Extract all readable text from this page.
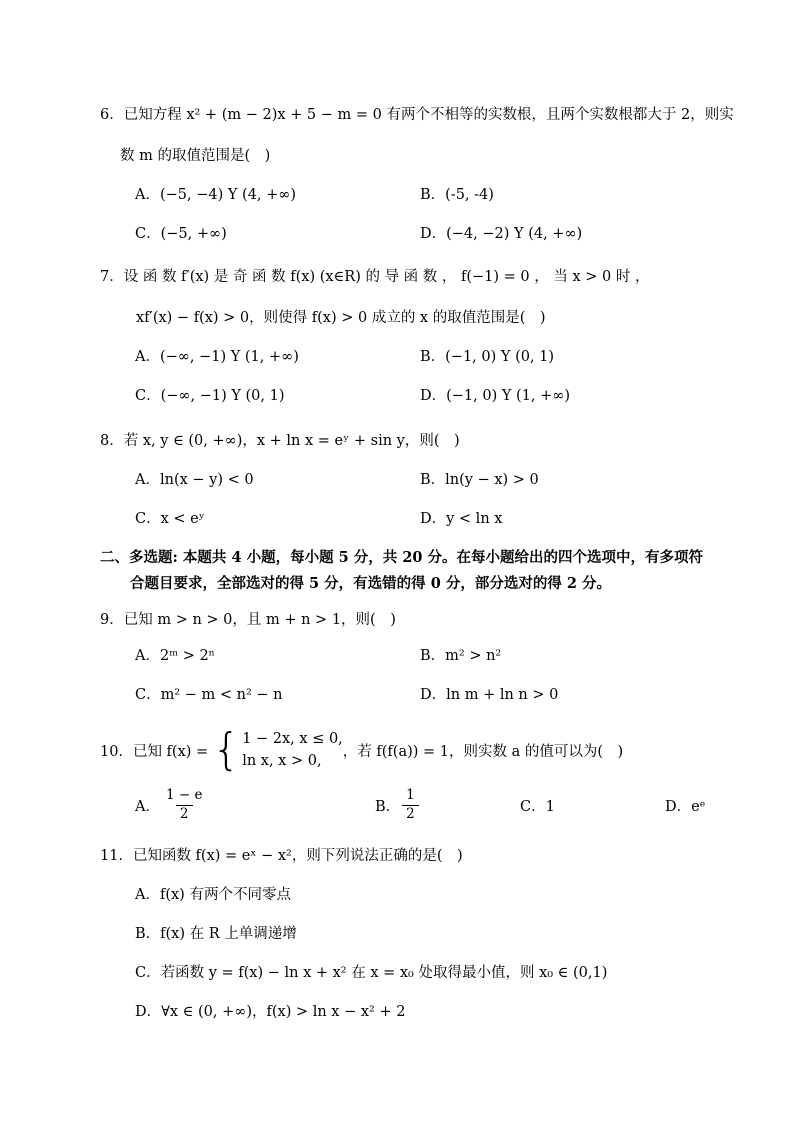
6．已知方程 x² + (m − 2)x + 5 − m = 0 有两个不相等的实数根，且两个实数根都大于 2，则实
数 m 的取值范围是(　)
A．(−5, −4) Y (4, +∞)	B．(-5, -4)
C．(−5, +∞)	D．(−4, −2) Y (4, +∞)
7．设 函 数 f′(x) 是 奇 函 数 f(x) (x∈R) 的 导 函 数 ， f(−1) = 0 ， 当 x > 0 时 ，
xf′(x) − f(x) > 0，则使得 f(x) > 0 成立的 x 的取值范围是(　)
A．(−∞, −1) Y (1, +∞)	B．(−1, 0) Y (0, 1)
C．(−∞, −1) Y (0, 1)	D．(−1, 0) Y (1, +∞)
8．若 x, y ∈ (0, +∞)，x + ln x = eʸ + sin y，则(　)
A．ln(x − y) < 0	B．ln(y − x) > 0
C．x < eʸ	D．y < ln x
二、多选题: 本题共 4 小题，每小题 5 分，共 20 分。在每小题给出的四个选项中，有多项符
合题目要求，全部选对的得 5 分，有选错的得 0 分，部分选对的得 2 分。
9．已知 m > n > 0，且 m + n > 1，则(　)
A．2ᵐ > 2ⁿ	B．m² > n²
C．m² − m < n² − n	D．ln m + ln n > 0
10．已知 f(x) = { 1 − 2x, x ≤ 0,
ln x, x > 0,
，若 f(f(a)) = 1，则实数 a 的值可以为(　)
A． $\frac{1 - e}{2}$	B． $\frac{1}{2}$	C．1	D．eᵉ
11．已知函数 f(x) = eˣ − x²，则下列说法正确的是(　)
A．f(x) 有两个不同零点
B．f(x) 在 R 上单调递增
C．若函数 y = f(x) − ln x + x² 在 x = x₀ 处取得最小值，则 x₀ ∈ (0,1)
D．∀x ∈ (0, +∞)，f(x) > ln x − x² + 2
